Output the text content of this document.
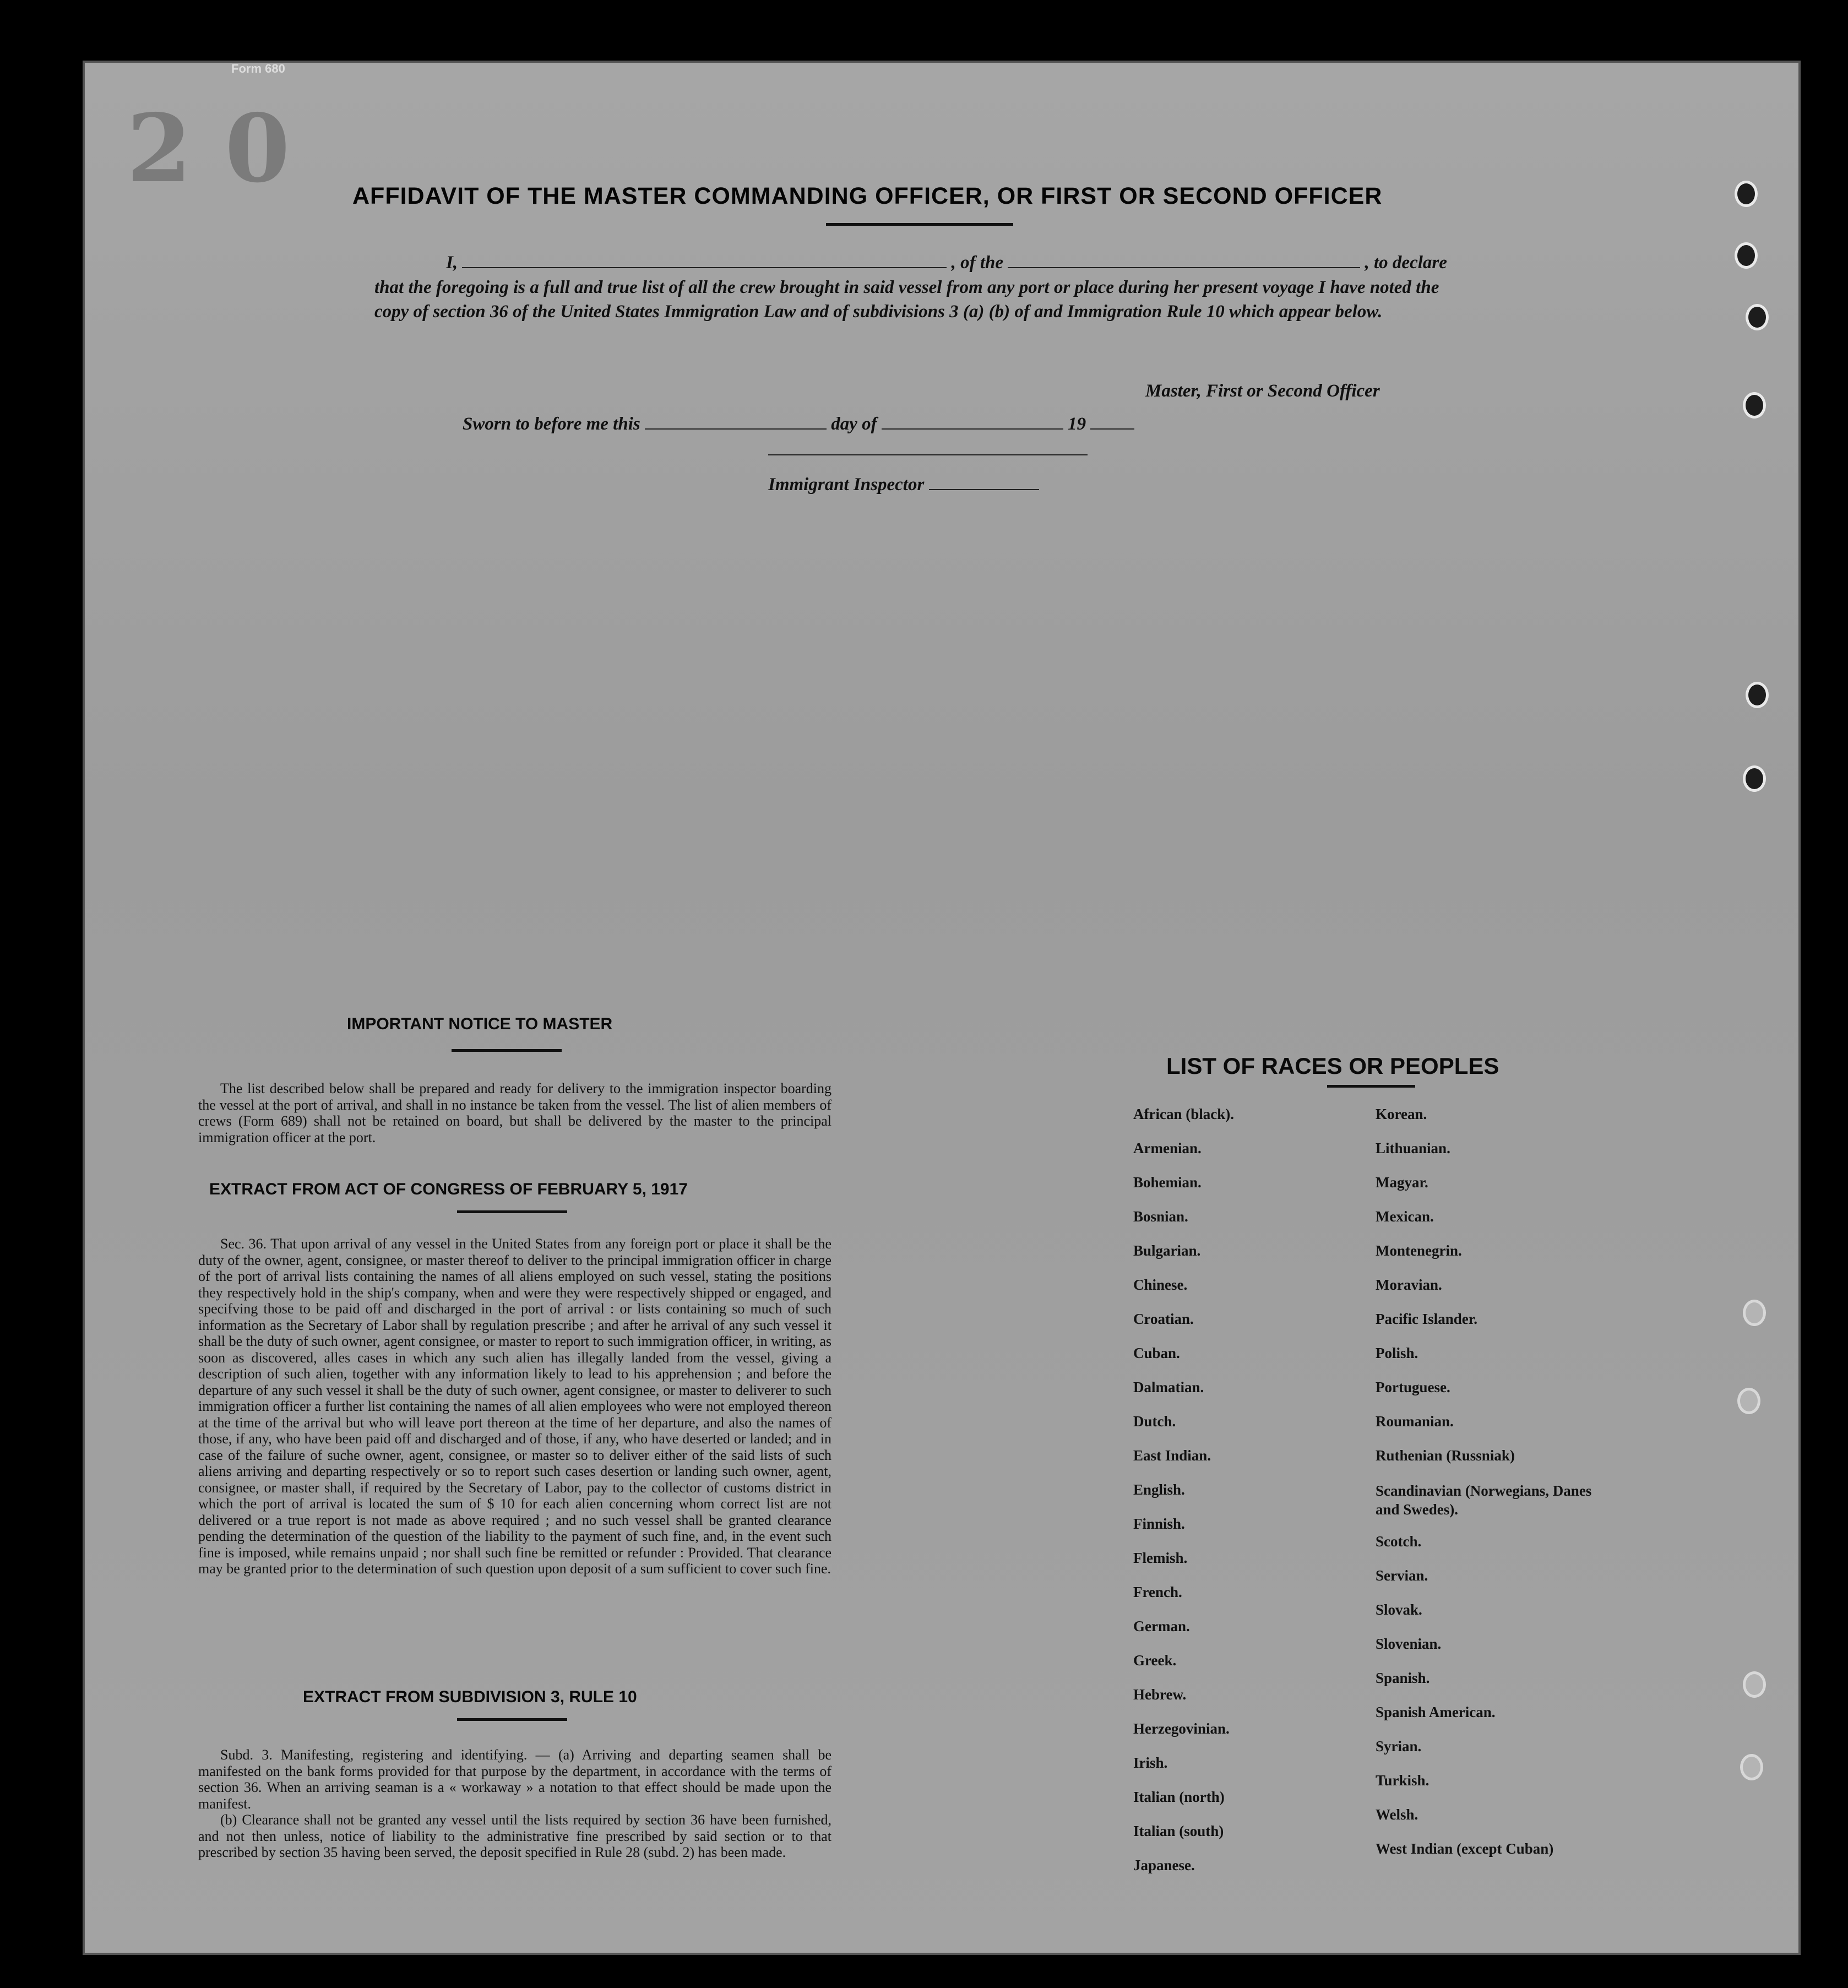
Form 680
20 AFFIDAVIT OF THE MASTER COMMANDING OFFICER, OR FIRST OR SECOND OFFICER
I,	, of the	, to declare
that the foregoing is a full and true list of all the crew brought in said vessel from any port or place during her present voyage I have noted the copy of section 36 of the United States Immigration Law and of subdivisions 3 (a) (b) of and Immigration Rule 10 which appear below.
Master, First or Second Officer
Sworn to before me this	day of	19
Immigrant Inspector
IMPORTANT NOTICE TO MASTER
The list described below shall be prepared and ready for delivery to the immigration inspector boarding the vessel at the port of arrival, and shall in no instance be taken from the vessel. The list of alien members of crews (Form 689) shall not be retained on board, but shall be delivered by the master to the principal immigration officer at the port.
EXTRACT FROM ACT OF CONGRESS OF FEBRUARY 5, 1917
Sec. 36. That upon arrival of any vessel in the United States from any foreign port or place it shall be the duty of the owner, agent, consignee, or master thereof to deliver to the principal immigration officer in charge of the port of arrival lists containing the names of all aliens employed on such vessel, stating the positions they respectively hold in the ship's company, when and were they were respectively shipped or engaged, and specifving those to be paid off and discharged in the port of arrival : or lists containing so much of such information as the Secretary of Labor shall by regulation prescribe ; and after he arrival of any such vessel it shall be the duty of such owner, agent consignee, or master to report to such immigration officer, in writing, as soon as discovered, alles cases in which any such alien has illegally landed from the vessel, giving a description of such alien, together with any information likely to lead to his apprehension ; and before the departure of any such vessel it shall be the duty of such owner, agent consignee, or master to deliverer to such immigration officer a further list containing the names of all alien employees who were not employed thereon at the time of the arrival but who will leave port thereon at the time of her departure, and also the names of those, if any, who have been paid off and discharged and of those, if any, who have deserted or landed; and in case of the failure of suche owner, agent, consignee, or master so to deliver either of the said lists of such aliens arriving and departing respectively or so to report such cases desertion or landing such owner, agent, consignee, or master shall, if required by the Secretary of Labor, pay to the collector of customs district in which the port of arrival is located the sum of $ 10 for each alien concerning whom correct list are not delivered or a true report is not made as above required ; and no such vessel shall be granted clearance pending the determination of the question of the liability to the payment of such fine, and, in the event such fine is imposed, while remains unpaid ; nor shall such fine be remitted or refunder : Provided. That clearance may be granted prior to the determination of such question upon deposit of a sum sufficient to cover such fine.
EXTRACT FROM SUBDIVISION 3, RULE 10
Subd. 3. Manifesting, registering and identifying. — (a) Arriving and departing seamen shall be manifested on the bank forms provided for that purpose by the department, in accordance with the terms of section 36. When an arriving seaman is a « workaway » a notation to that effect should be made upon the manifest.
(b) Clearance shall not be granted any vessel until the lists required by section 36 have been furnished, and not then unless, notice of liability to the administrative fine prescribed by said section or to that prescribed by section 35 having been served, the deposit specified in Rule 28 (subd. 2) has been made.
LIST OF RACES OR PEOPLES
African (black).
Armenian.
Bohemian.
Bosnian.
Bulgarian.
Chinese.
Croatian.
Cuban.
Dalmatian.
Dutch.
East Indian.
English.
Finnish.
Flemish.
French.
German.
Greek.
Hebrew.
Herzegovinian.
Irish.
Italian (north)
Italian (south)
Japanese.
Korean.
Lithuanian.
Magyar.
Mexican.
Montenegrin.
Moravian.
Pacific Islander.
Polish.
Portuguese.
Roumanian.
Ruthenian (Russniak)
Scandinavian (Norwegians, Danes and Swedes).
Scotch.
Servian.
Slovak.
Slovenian.
Spanish.
Spanish American.
Syrian.
Turkish.
Welsh.
West Indian (except Cuban)
